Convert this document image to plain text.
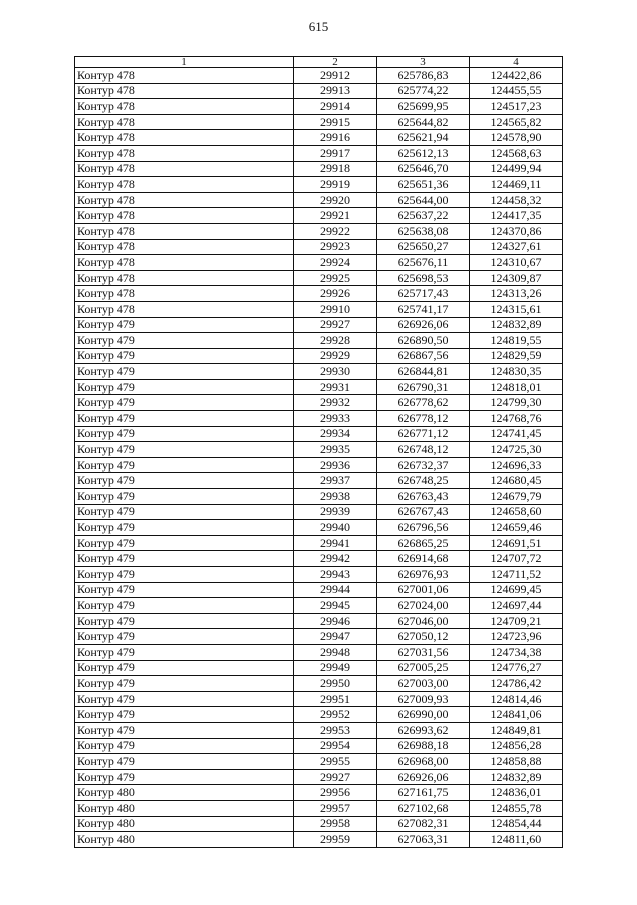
615
1	2	3	4
Контур 478	29912	625786,83	124422,86
Контур 478	29913	625774,22	124455,55
Контур 478	29914	625699,95	124517,23
Контур 478	29915	625644,82	124565,82
Контур 478	29916	625621,94	124578,90
Контур 478	29917	625612,13	124568,63
Контур 478	29918	625646,70	124499,94
Контур 478	29919	625651,36	124469,11
Контур 478	29920	625644,00	124458,32
Контур 478	29921	625637,22	124417,35
Контур 478	29922	625638,08	124370,86
Контур 478	29923	625650,27	124327,61
Контур 478	29924	625676,11	124310,67
Контур 478	29925	625698,53	124309,87
Контур 478	29926	625717,43	124313,26
Контур 478	29910	625741,17	124315,61
Контур 479	29927	626926,06	124832,89
Контур 479	29928	626890,50	124819,55
Контур 479	29929	626867,56	124829,59
Контур 479	29930	626844,81	124830,35
Контур 479	29931	626790,31	124818,01
Контур 479	29932	626778,62	124799,30
Контур 479	29933	626778,12	124768,76
Контур 479	29934	626771,12	124741,45
Контур 479	29935	626748,12	124725,30
Контур 479	29936	626732,37	124696,33
Контур 479	29937	626748,25	124680,45
Контур 479	29938	626763,43	124679,79
Контур 479	29939	626767,43	124658,60
Контур 479	29940	626796,56	124659,46
Контур 479	29941	626865,25	124691,51
Контур 479	29942	626914,68	124707,72
Контур 479	29943	626976,93	124711,52
Контур 479	29944	627001,06	124699,45
Контур 479	29945	627024,00	124697,44
Контур 479	29946	627046,00	124709,21
Контур 479	29947	627050,12	124723,96
Контур 479	29948	627031,56	124734,38
Контур 479	29949	627005,25	124776,27
Контур 479	29950	627003,00	124786,42
Контур 479	29951	627009,93	124814,46
Контур 479	29952	626990,00	124841,06
Контур 479	29953	626993,62	124849,81
Контур 479	29954	626988,18	124856,28
Контур 479	29955	626968,00	124858,88
Контур 479	29927	626926,06	124832,89
Контур 480	29956	627161,75	124836,01
Контур 480	29957	627102,68	124855,78
Контур 480	29958	627082,31	124854,44
Контур 480	29959	627063,31	124811,60
